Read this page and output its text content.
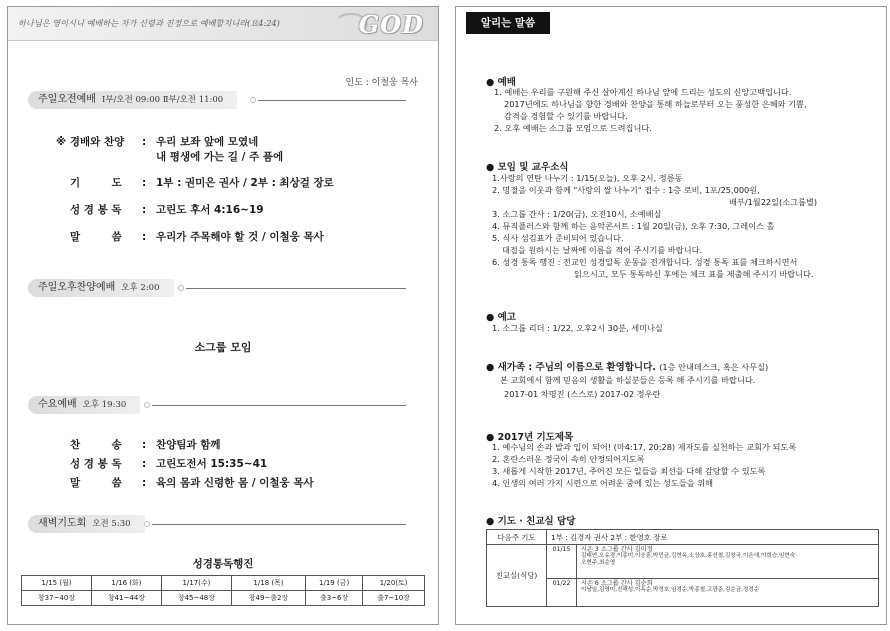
하나님은 영이시니 예배하는 자가 신령과 진정으로 예배할지니라(요4:24)	GOD
인도 : 이철웅 목사
주일오전예배 Ⅰ부/오전 09:00 Ⅱ부/오전 11:00
※ 경배와 찬양 : 우리 보좌 앞에 모였네
내 평생에 가는 길 / 주 품에
기　　　도 : 1부 : 권미은 권사 / 2부 : 최상걸 장로
성 경 봉 독 : 고린도 후서 4:16~19
말　　　씀 : 우리가 주목해야 할 것 / 이철웅 목사
주일오후찬양예배 오후 2:00
소그룹 모임
수요예배 오후 19:30
찬　　　송 : 찬양팀과 함께
성 경 봉 독 : 고린도전서 15:35~41
말　　　씀 : 육의 몸과 신령한 몸 / 이철웅 목사
새벽기도회 오전 5:30
성경통독행진
1/15 (월)	1/16 (화)	1/17(수)	1/18 (목)	1/19 (금)	1/20(토)
창37~40장	창41~44장	창45~48장	창49~출2장	출3~6장	출7~10장
알리는 말씀
● 예배
1. 예배는 우리를 구원해 주신 살아계신 하나님 앞에 드리는 성도의 신앙고백입니다.
2017년에도 하나님을 향한 경배와 찬양을 통해 하늘로부터 오는 풍성한 은혜와 기쁨,
감격을 경험할 수 있기를 바랍니다.
2. 오후 예배는 소그룹 모임으로 드려집니다.
● 모임 및 교우소식
1.사랑의 연탄 나누기 : 1/15(오늘), 오후 2시, 정릉동
2. 명절을 이웃과 함께 "사랑의 쌀 나누기" 접수 : 1층 로비, 1포/25,000원,
배부/1월22일(소그룹별)
3. 소그룹 간사 : 1/20(금), 오전10시, 소예배실
4. 뮤직플러스와 함께 하는 음악콘서트 : 1월 20일(금), 오후 7:30, 그레이스 홀
5. 식사 섬김표가 준비되어 있습니다.
대접을 원하시는 날짜에 이름을 적어 주시기를 바랍니다.
6. 성경 통독 행진 : 전교인 성경일독 운동을 전개합니다. 성경 통독 표를 체크하시면서
읽으시고, 모두 통독하신 후에는 체크 표를 제출해 주시기 바랍니다.
● 예고
1. 소그룹 리더 : 1/22, 오후2시 30분, 세미나실
● 새가족 : 주님의 이름으로 환영합니다. (1층 안내데스크, 혹은 사무실)
본 교회에서 함께 믿음의 생활을 하실분들은 등록 해 주시기를 바랍니다.
2017-01 차명진 (스스로) 2017-02 정우란
● 2017년 기도제목
1. 예수님의 손과 발과 입이 되어! (마4:17, 20:28) 제자도를 실천하는 교회가 되도록
2. 혼란스러운 정국이 속히 안정되어지도록
3. 새롭게 시작한 2017년, 주어진 모든 일들을 최선을 다해 감당할 수 있도록
4. 인생의 여러 가지 시련으로 어려운 중에 있는 성도들을 위해
● 기도 · 친교실 담당
다음주 기도	1부 : 김경자 권사 2부 : 한영호 장로	
친교실(식당)	01/15	시온 3 소그룹 간사 김미정
김태연,오유경,이종미,이승훈,박민균,김현옥,소상호,홍선철,김창국,이은애,이희승,임현숙
오현주,최순영

	01/22	시온 6 소그룹 간사 김순희
이남일,김영미,진해성,이옥순,박정호,임경순,박종철,고광준,김순금,정경순
